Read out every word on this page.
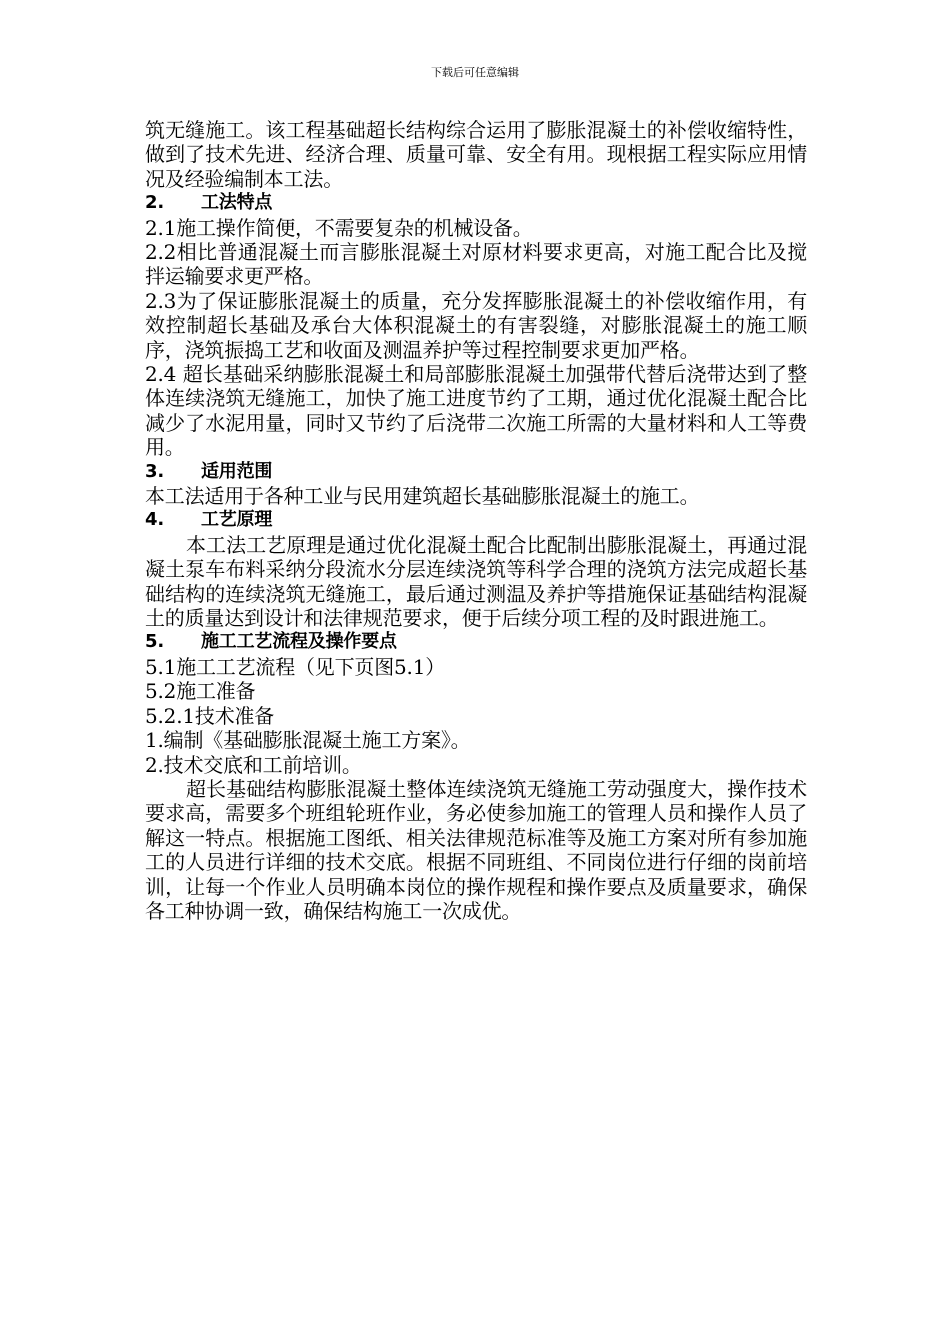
下载后可任意编辑

筑无缝施工。该工程基础超长结构综合运用了膨胀混凝土的补偿收缩特性，做到了技术先进、经济合理、质量可靠、安全有用。现根据工程实际应用情况及经验编制本工法。

2. 工法特点

2.1施工操作简便，不需要复杂的机械设备。

2.2相比普通混凝土而言膨胀混凝土对原材料要求更高，对施工配合比及搅拌运输要求更严格。

2.3为了保证膨胀混凝土的质量，充分发挥膨胀混凝土的补偿收缩作用，有效控制超长基础及承台大体积混凝土的有害裂缝，对膨胀混凝土的施工顺序，浇筑振捣工艺和收面及测温养护等过程控制要求更加严格。

2.4 超长基础采纳膨胀混凝土和局部膨胀混凝土加强带代替后浇带达到了整体连续浇筑无缝施工，加快了施工进度节约了工期，通过优化混凝土配合比减少了水泥用量，同时又节约了后浇带二次施工所需的大量材料和人工等费用。

3. 适用范围

本工法适用于各种工业与民用建筑超长基础膨胀混凝土的施工。

4. 工艺原理

本工法工艺原理是通过优化混凝土配合比配制出膨胀混凝土，再通过混凝土泵车布料采纳分段流水分层连续浇筑等科学合理的浇筑方法完成超长基础结构的连续浇筑无缝施工，最后通过测温及养护等措施保证基础结构混凝土的质量达到设计和法律规范要求，便于后续分项工程的及时跟进施工。

5. 施工工艺流程及操作要点

5.1施工工艺流程（见下页图5.1）

5.2施工准备

5.2.1技术准备

1.编制《基础膨胀混凝土施工方案》。

2.技术交底和工前培训。

超长基础结构膨胀混凝土整体连续浇筑无缝施工劳动强度大，操作技术要求高，需要多个班组轮班作业，务必使参加施工的管理人员和操作人员了解这一特点。根据施工图纸、相关法律规范标准等及施工方案对所有参加施工的人员进行详细的技术交底。根据不同班组、不同岗位进行仔细的岗前培训，让每一个作业人员明确本岗位的操作规程和操作要点及质量要求，确保各工种协调一致，确保结构施工一次成优。
